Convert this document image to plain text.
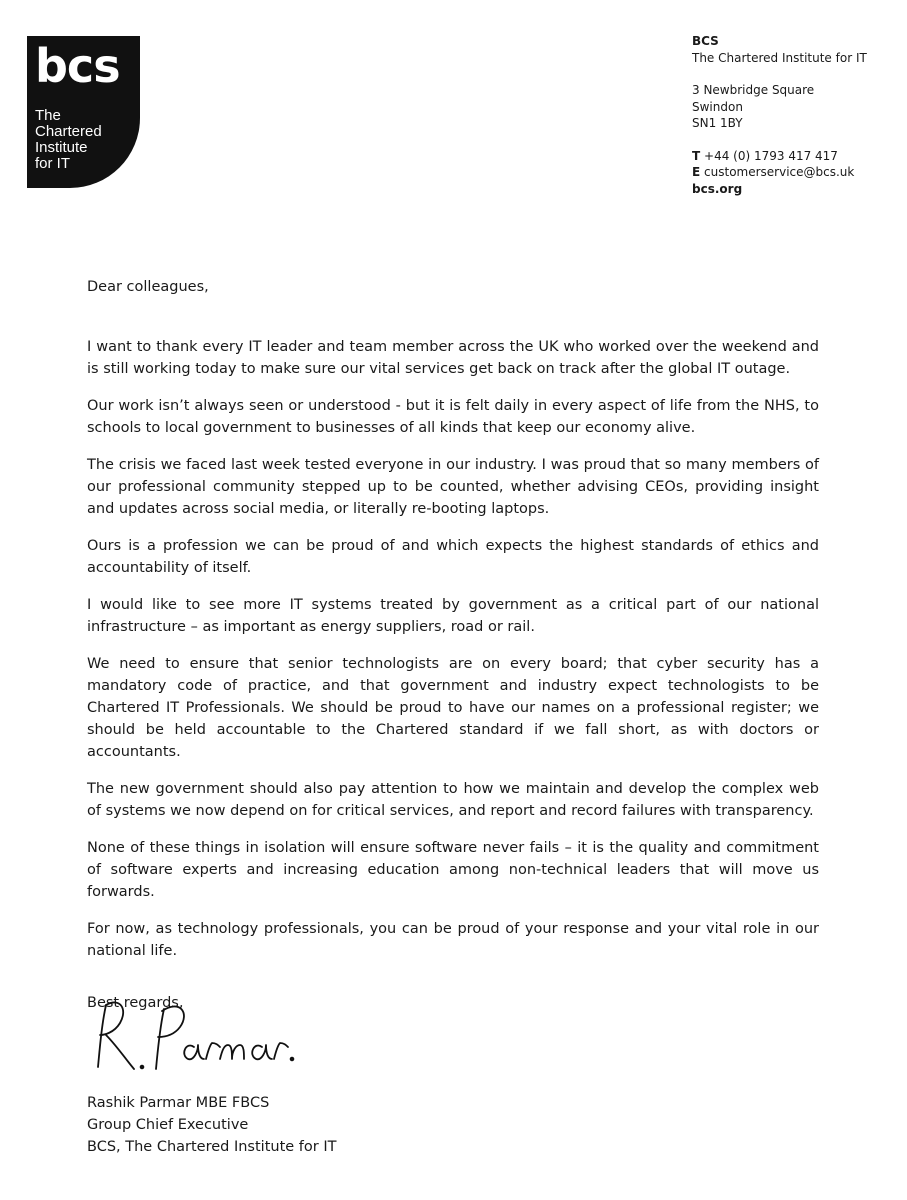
bcs
The
Chartered
Institute
for IT
BCS
The Chartered Institute for IT
3 Newbridge Square
Swindon
SN1 1BY
T +44 (0) 1793 417 417
E customerservice@bcs.uk
bcs.org

Dear colleagues,

I want to thank every IT leader and team member across the UK who worked over the weekend and is still working today to make sure our vital services get back on track after the global IT outage.

Our work isn’t always seen or understood - but it is felt daily in every aspect of life from the NHS, to schools to local government to businesses of all kinds that keep our economy alive.

The crisis we faced last week tested everyone in our industry. I was proud that so many members of our professional community stepped up to be counted, whether advising CEOs, providing insight and updates across social media, or literally re-booting laptops.

Ours is a profession we can be proud of and which expects the highest standards of ethics and accountability of itself.

I would like to see more IT systems treated by government as a critical part of our national infrastructure – as important as energy suppliers, road or rail.

We need to ensure that senior technologists are on every board; that cyber security has a mandatory code of practice, and that government and industry expect technologists to be Chartered IT Professionals. We should be proud to have our names on a professional register; we should be held accountable to the Chartered standard if we fall short, as with doctors or accountants.

The new government should also pay attention to how we maintain and develop the complex web of systems we now depend on for critical services, and report and record failures with transparency.

None of these things in isolation will ensure software never fails – it is the quality and commitment of software experts and increasing education among non-technical leaders that will move us forwards.

For now, as technology professionals, you can be proud of your response and your vital role in our national life.

Best regards,

Rashik Parmar MBE FBCS
Group Chief Executive
BCS, The Chartered Institute for IT
